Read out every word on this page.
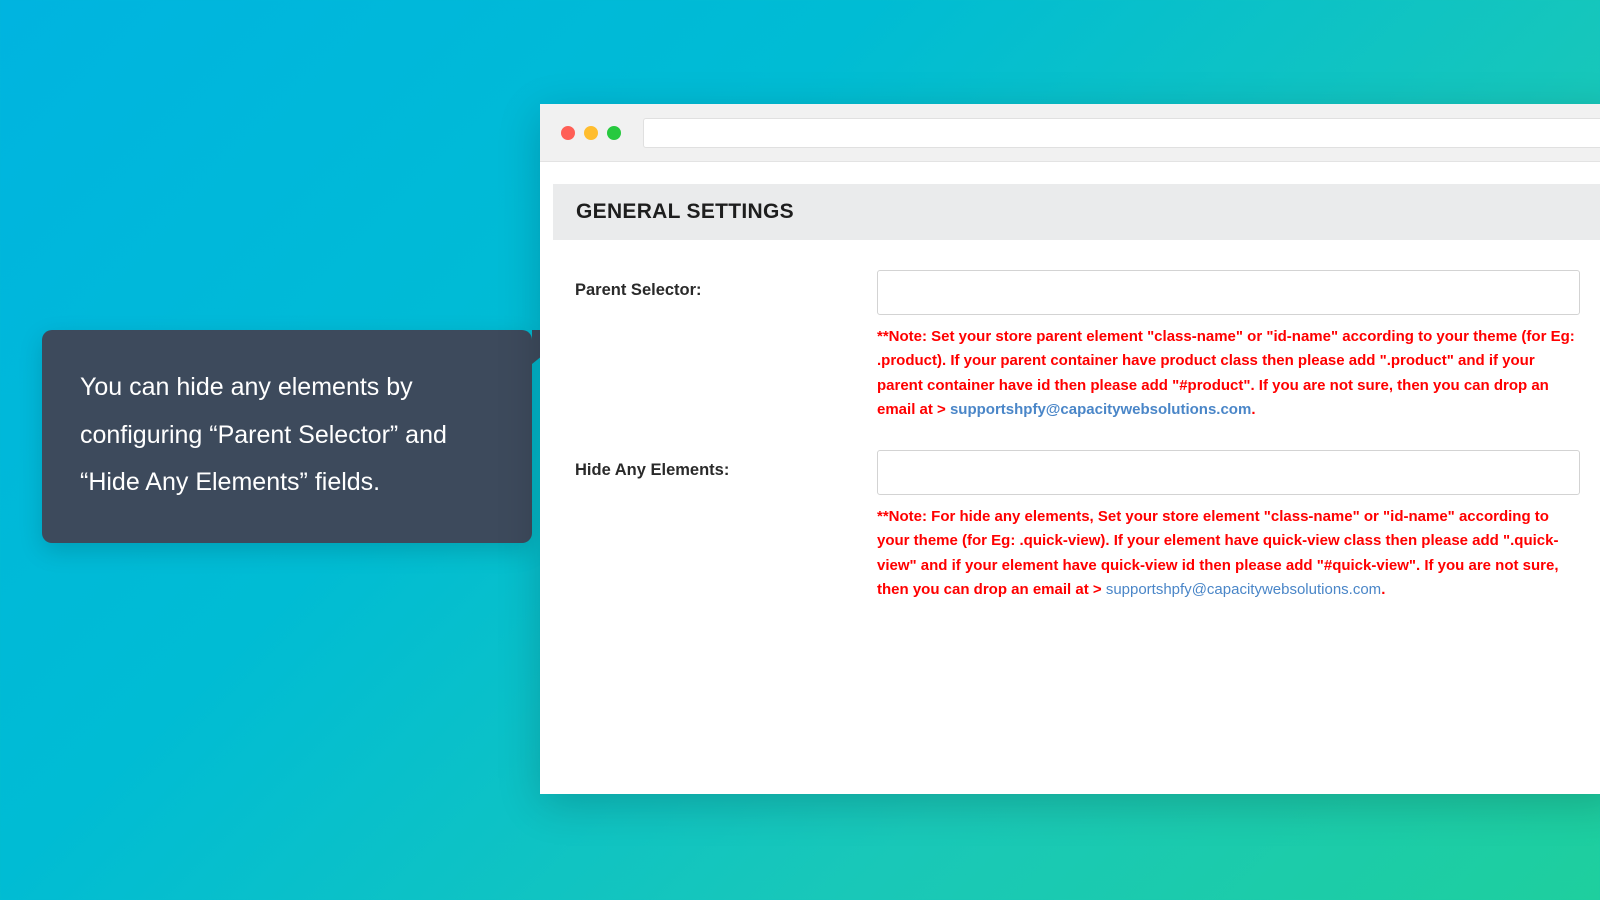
You can hide any elements by configuring “Parent Selector” and “Hide Any Elements” fields.
GENERAL SETTINGS
Parent Selector:
**Note: Set your store parent element "class-name" or "id-name" according to your theme (for Eg: .product). If your parent container have product class then please add ".product" and if your parent container have id then please add "#product". If you are not sure, then you can drop an email at > supportshpfy@capacitywebsolutions.com.
Hide Any Elements:
**Note: For hide any elements, Set your store element "class-name" or "id-name" according to your theme (for Eg: .quick-view). If your element have quick-view class then please add ".quick-view" and if your element have quick-view id then please add "#quick-view". If you are not sure, then you can drop an email at > supportshpfy@capacitywebsolutions.com.
